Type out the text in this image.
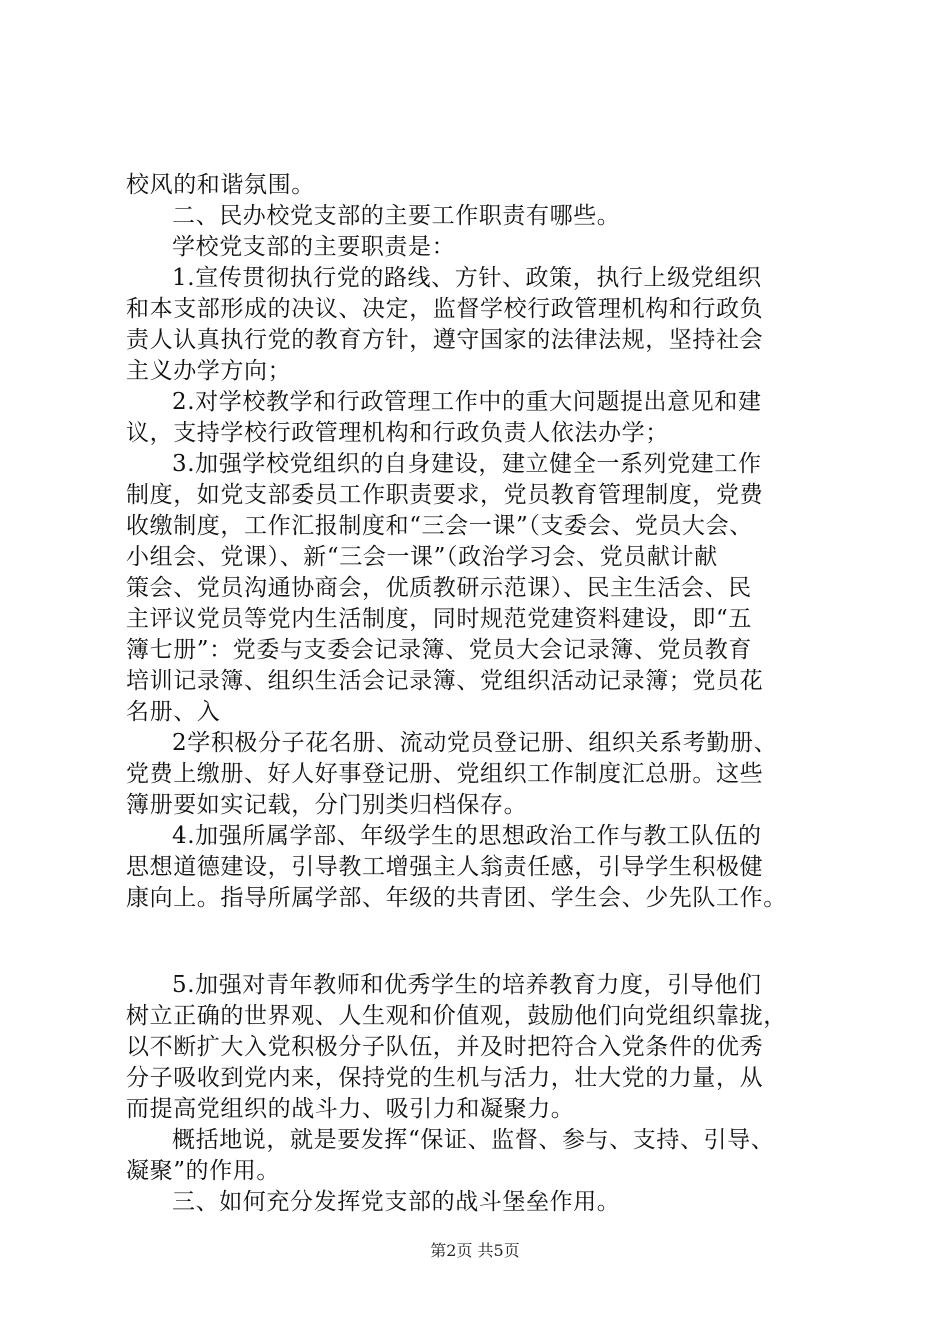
校风的和谐氛围。
二、民办校党支部的主要工作职责有哪些。
学校党支部的主要职责是：
1.宣传贯彻执行党的路线、方针、政策，执行上级党组织
和本支部形成的决议、决定，监督学校行政管理机构和行政负
责人认真执行党的教育方针，遵守国家的法律法规，坚持社会
主义办学方向；
2.对学校教学和行政管理工作中的重大问题提出意见和建
议，支持学校行政管理机构和行政负责人依法办学；
3.加强学校党组织的自身建设，建立健全一系列党建工作
制度，如党支部委员工作职责要求，党员教育管理制度，党费
收缴制度，工作汇报制度和“三会一课”（支委会、党员大会、
小组会、党课）、新“三会一课”（政治学习会、党员献计献
策会、党员沟通协商会，优质教研示范课）、民主生活会、民
主评议党员等党内生活制度，同时规范党建资料建设，即“五
簿七册”：党委与支委会记录簿、党员大会记录簿、党员教育
培训记录簿、组织生活会记录簿、党组织活动记录簿；党员花
名册、入
2学积极分子花名册、流动党员登记册、组织关系考勤册、
党费上缴册、好人好事登记册、党组织工作制度汇总册。这些
簿册要如实记载，分门别类归档保存。
4.加强所属学部、年级学生的思想政治工作与教工队伍的
思想道德建设，引导教工增强主人翁责任感，引导学生积极健
康向上。指导所属学部、年级的共青团、学生会、少先队工作。
5.加强对青年教师和优秀学生的培养教育力度，引导他们
树立正确的世界观、人生观和价值观，鼓励他们向党组织靠拢，
以不断扩大入党积极分子队伍，并及时把符合入党条件的优秀
分子吸收到党内来，保持党的生机与活力，壮大党的力量，从
而提高党组织的战斗力、吸引力和凝聚力。
概括地说，就是要发挥“保证、监督、参与、支持、引导、
凝聚”的作用。
三、如何充分发挥党支部的战斗堡垒作用。
第2页 共5页
